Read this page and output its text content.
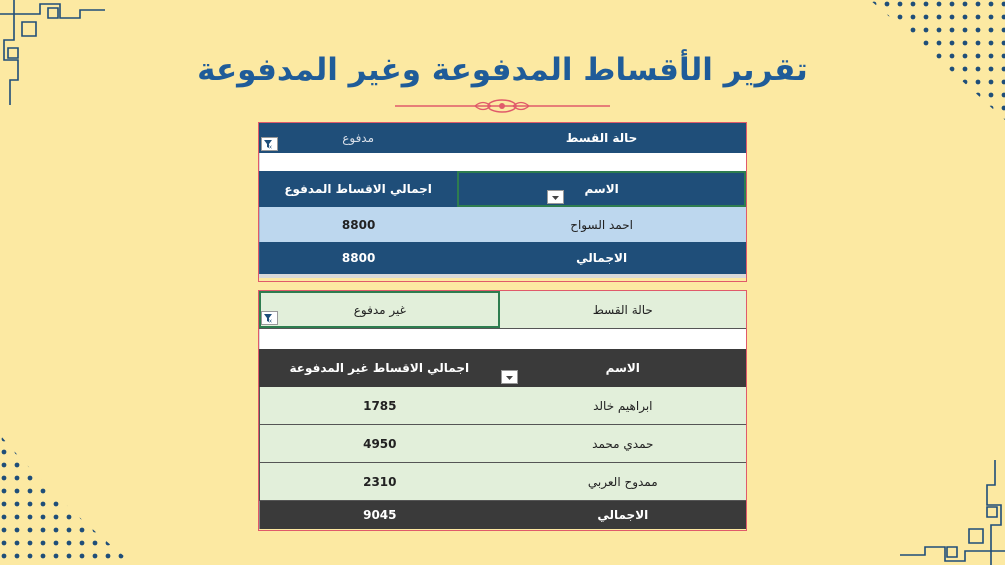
تقرير الأقساط المدفوعة وغير المدفوعة
حالة القسط
مدفوع
x
الاسم
اجمالي الاقساط المدفوع
احمد السواح
8800
الاجمالي
8800
حالة القسط
غير مدفوع
x
الاسم
اجمالي الاقساط غير المدفوعة
ابراهيم خالد
1785
حمدي محمد
4950
ممدوح العربي
2310
الاجمالي
9045
